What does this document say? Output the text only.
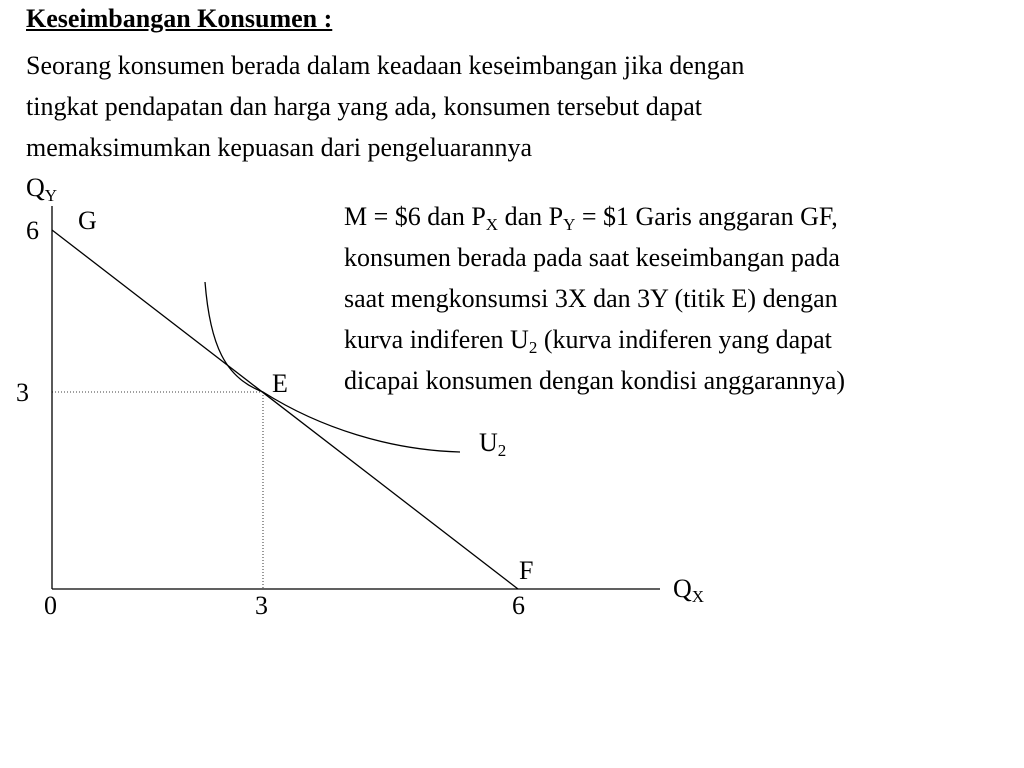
Keseimbangan Konsumen :
Seorang konsumen berada dalam keadaan keseimbangan jika dengan
tingkat pendapatan dan harga yang ada, konsumen tersebut dapat
memaksimumkan kepuasan dari pengeluarannya
$Q_Y$
6 G
3	E
$U_2$
F
$Q_X$
0	3	6
M = $6 dan $P_X$ dan $P_Y$ = $1 Garis anggaran GF,
konsumen berada pada saat keseimbangan pada
saat mengkonsumsi 3X dan 3Y (titik E) dengan
kurva indiferen $U_2$ (kurva indiferen yang dapat
dicapai konsumen dengan kondisi anggarannya)
